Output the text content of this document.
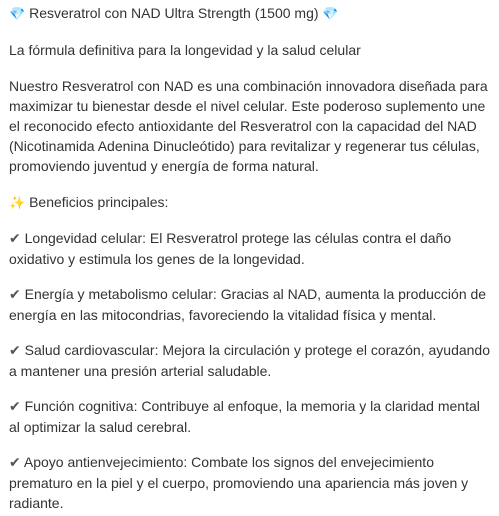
💎 Resveratrol con NAD Ultra Strength (1500 mg) 💎
La fórmula definitiva para la longevidad y la salud celular
Nuestro Resveratrol con NAD es una combinación innovadora diseñada para
maximizar tu bienestar desde el nivel celular. Este poderoso suplemento une
el reconocido efecto antioxidante del Resveratrol con la capacidad del NAD
(Nicotinamida Adenina Dinucleótido) para revitalizar y regenerar tus células,
promoviendo juventud y energía de forma natural.
✨ Beneficios principales:
✔ Longevidad celular: El Resveratrol protege las células contra el daño
oxidativo y estimula los genes de la longevidad.
✔ Energía y metabolismo celular: Gracias al NAD, aumenta la producción de
energía en las mitocondrias, favoreciendo la vitalidad física y mental.
✔ Salud cardiovascular: Mejora la circulación y protege el corazón, ayudando
a mantener una presión arterial saludable.
✔ Función cognitiva: Contribuye al enfoque, la memoria y la claridad mental
al optimizar la salud cerebral.
✔ Apoyo antienvejecimiento: Combate los signos del envejecimiento
prematuro en la piel y el cuerpo, promoviendo una apariencia más joven y
radiante.
